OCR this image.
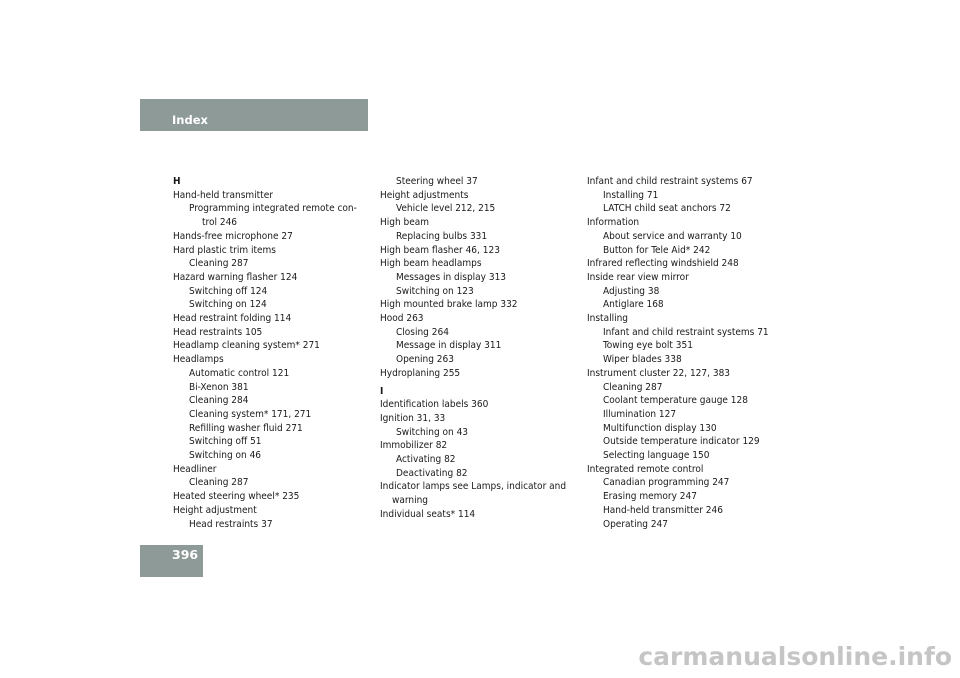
Index
H
Hand-held transmitter
Programming integrated remote con-
trol 246
Hands-free microphone 27
Hard plastic trim items
Cleaning 287
Hazard warning flasher 124
Switching off 124
Switching on 124
Head restraint folding 114
Head restraints 105
Headlamp cleaning system* 271
Headlamps
Automatic control 121
Bi-Xenon 381
Cleaning 284
Cleaning system* 171, 271
Refilling washer fluid 271
Switching off 51
Switching on 46
Headliner
Cleaning 287
Heated steering wheel* 235
Height adjustment
Head restraints 37
Steering wheel 37
Height adjustments
Vehicle level 212, 215
High beam
Replacing bulbs 331
High beam flasher 46, 123
High beam headlamps
Messages in display 313
Switching on 123
High mounted brake lamp 332
Hood 263
Closing 264
Message in display 311
Opening 263
Hydroplaning 255
I
Identification labels 360
Ignition 31, 33
Switching on 43
Immobilizer 82
Activating 82
Deactivating 82
Indicator lamps see Lamps, indicator and
warning
Individual seats* 114
Infant and child restraint systems 67
Installing 71
LATCH child seat anchors 72
Information
About service and warranty 10
Button for Tele Aid* 242
Infrared reflecting windshield 248
Inside rear view mirror
Adjusting 38
Antiglare 168
Installing
Infant and child restraint systems 71
Towing eye bolt 351
Wiper blades 338
Instrument cluster 22, 127, 383
Cleaning 287
Coolant temperature gauge 128
Illumination 127
Multifunction display 130
Outside temperature indicator 129
Selecting language 150
Integrated remote control
Canadian programming 247
Erasing memory 247
Hand-held transmitter 246
Operating 247
396
carmanualsonline.info
